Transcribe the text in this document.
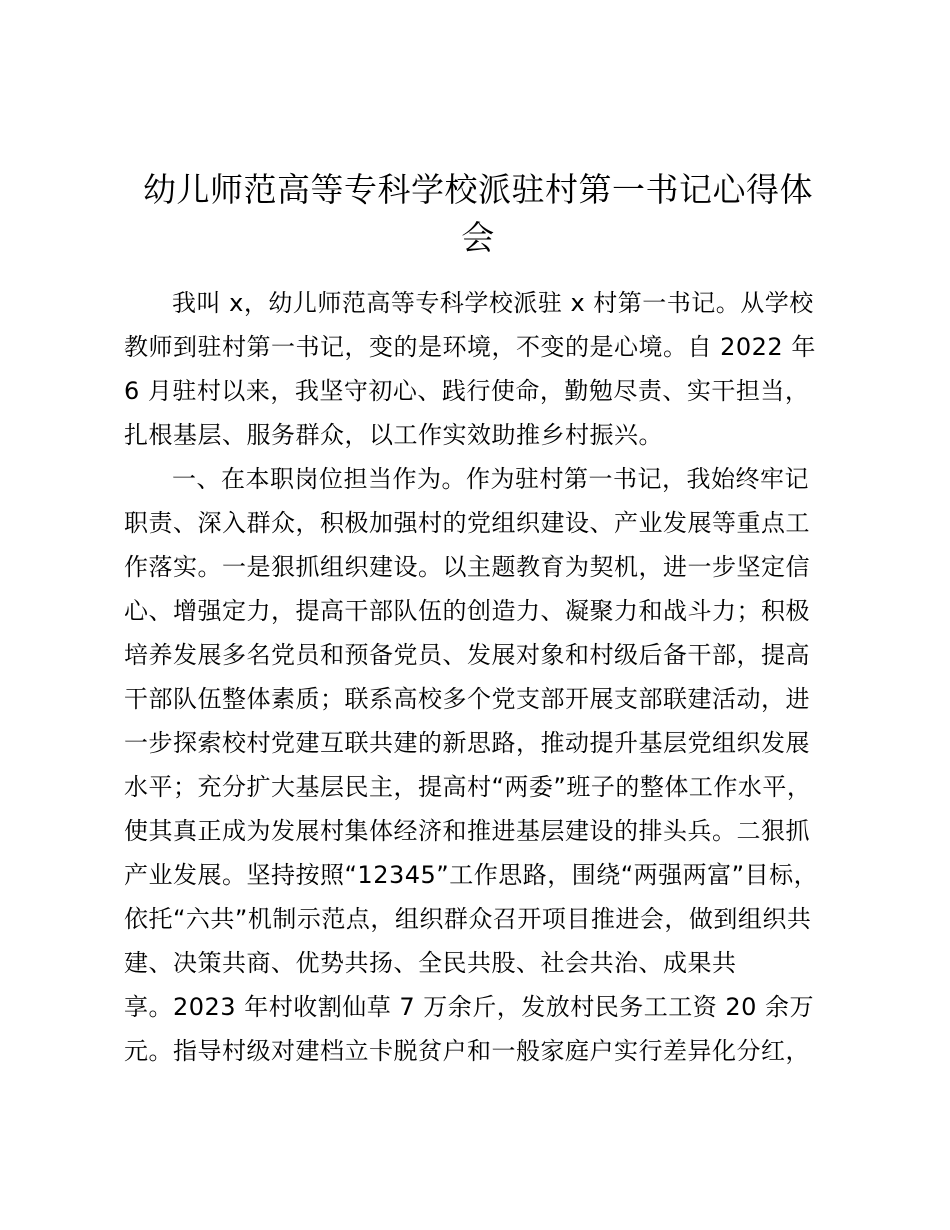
幼儿师范高等专科学校派驻村第一书记心得体
会
我叫 x，幼儿师范高等专科学校派驻 x 村第一书记。从学校
教师到驻村第一书记，变的是环境，不变的是心境。自 2022 年
6 月驻村以来，我坚守初心、践行使命，勤勉尽责、实干担当，
扎根基层、服务群众，以工作实效助推乡村振兴。
一、在本职岗位担当作为。作为驻村第一书记，我始终牢记
职责、深入群众，积极加强村的党组织建设、产业发展等重点工
作落实。一是狠抓组织建设。以主题教育为契机，进一步坚定信
心、增强定力，提高干部队伍的创造力、凝聚力和战斗力；积极
培养发展多名党员和预备党员、发展对象和村级后备干部，提高
干部队伍整体素质；联系高校多个党支部开展支部联建活动，进
一步探索校村党建互联共建的新思路，推动提升基层党组织发展
水平；充分扩大基层民主，提高村“两委”班子的整体工作水平，
使其真正成为发展村集体经济和推进基层建设的排头兵。二狠抓
产业发展。坚持按照“12345”工作思路，围绕“两强两富”目标，
依托“六共”机制示范点，组织群众召开项目推进会，做到组织共
建、决策共商、优势共扬、全民共股、社会共治、成果共
享。2023 年村收割仙草 7 万余斤，发放村民务工工资 20 余万
元。指导村级对建档立卡脱贫户和一般家庭户实行差异化分红，
